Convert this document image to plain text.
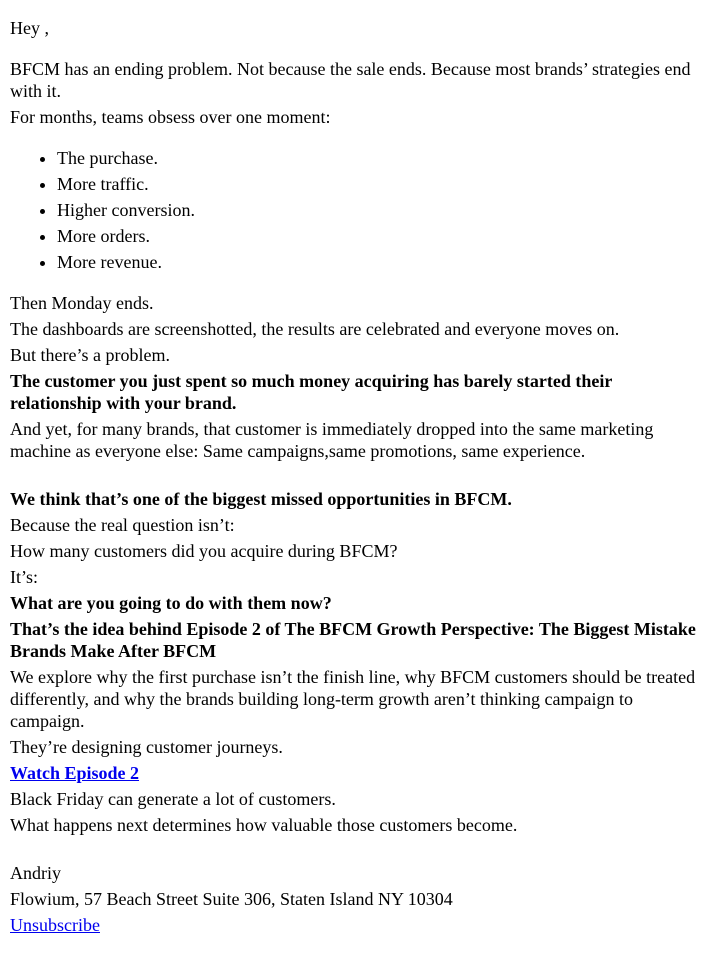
Hey ,

BFCM has an ending problem. Not because the sale ends. Because most brands’ strategies end with it.

For months, teams obsess over one moment:

• The purchase.
• More traffic.
• Higher conversion.
• More orders.
• More revenue.

Then Monday ends.

The dashboards are screenshotted, the results are celebrated and everyone moves on.

But there’s a problem.

The customer you just spent so much money acquiring has barely started their relationship with your brand.

And yet, for many brands, that customer is immediately dropped into the same marketing machine as everyone else: Same campaigns,same promotions, same experience.

We think that’s one of the biggest missed opportunities in BFCM.

Because the real question isn’t:

How many customers did you acquire during BFCM?

It’s:

What are you going to do with them now?

That’s the idea behind Episode 2 of The BFCM Growth Perspective: The Biggest Mistake Brands Make After BFCM

We explore why the first purchase isn’t the finish line, why BFCM customers should be treated differently, and why the brands building long-term growth aren’t thinking campaign to campaign.

They’re designing customer journeys.

Watch Episode 2

Black Friday can generate a lot of customers.

What happens next determines how valuable those customers become.

Andriy

Flowium, 57 Beach Street Suite 306, Staten Island NY 10304

Unsubscribe
